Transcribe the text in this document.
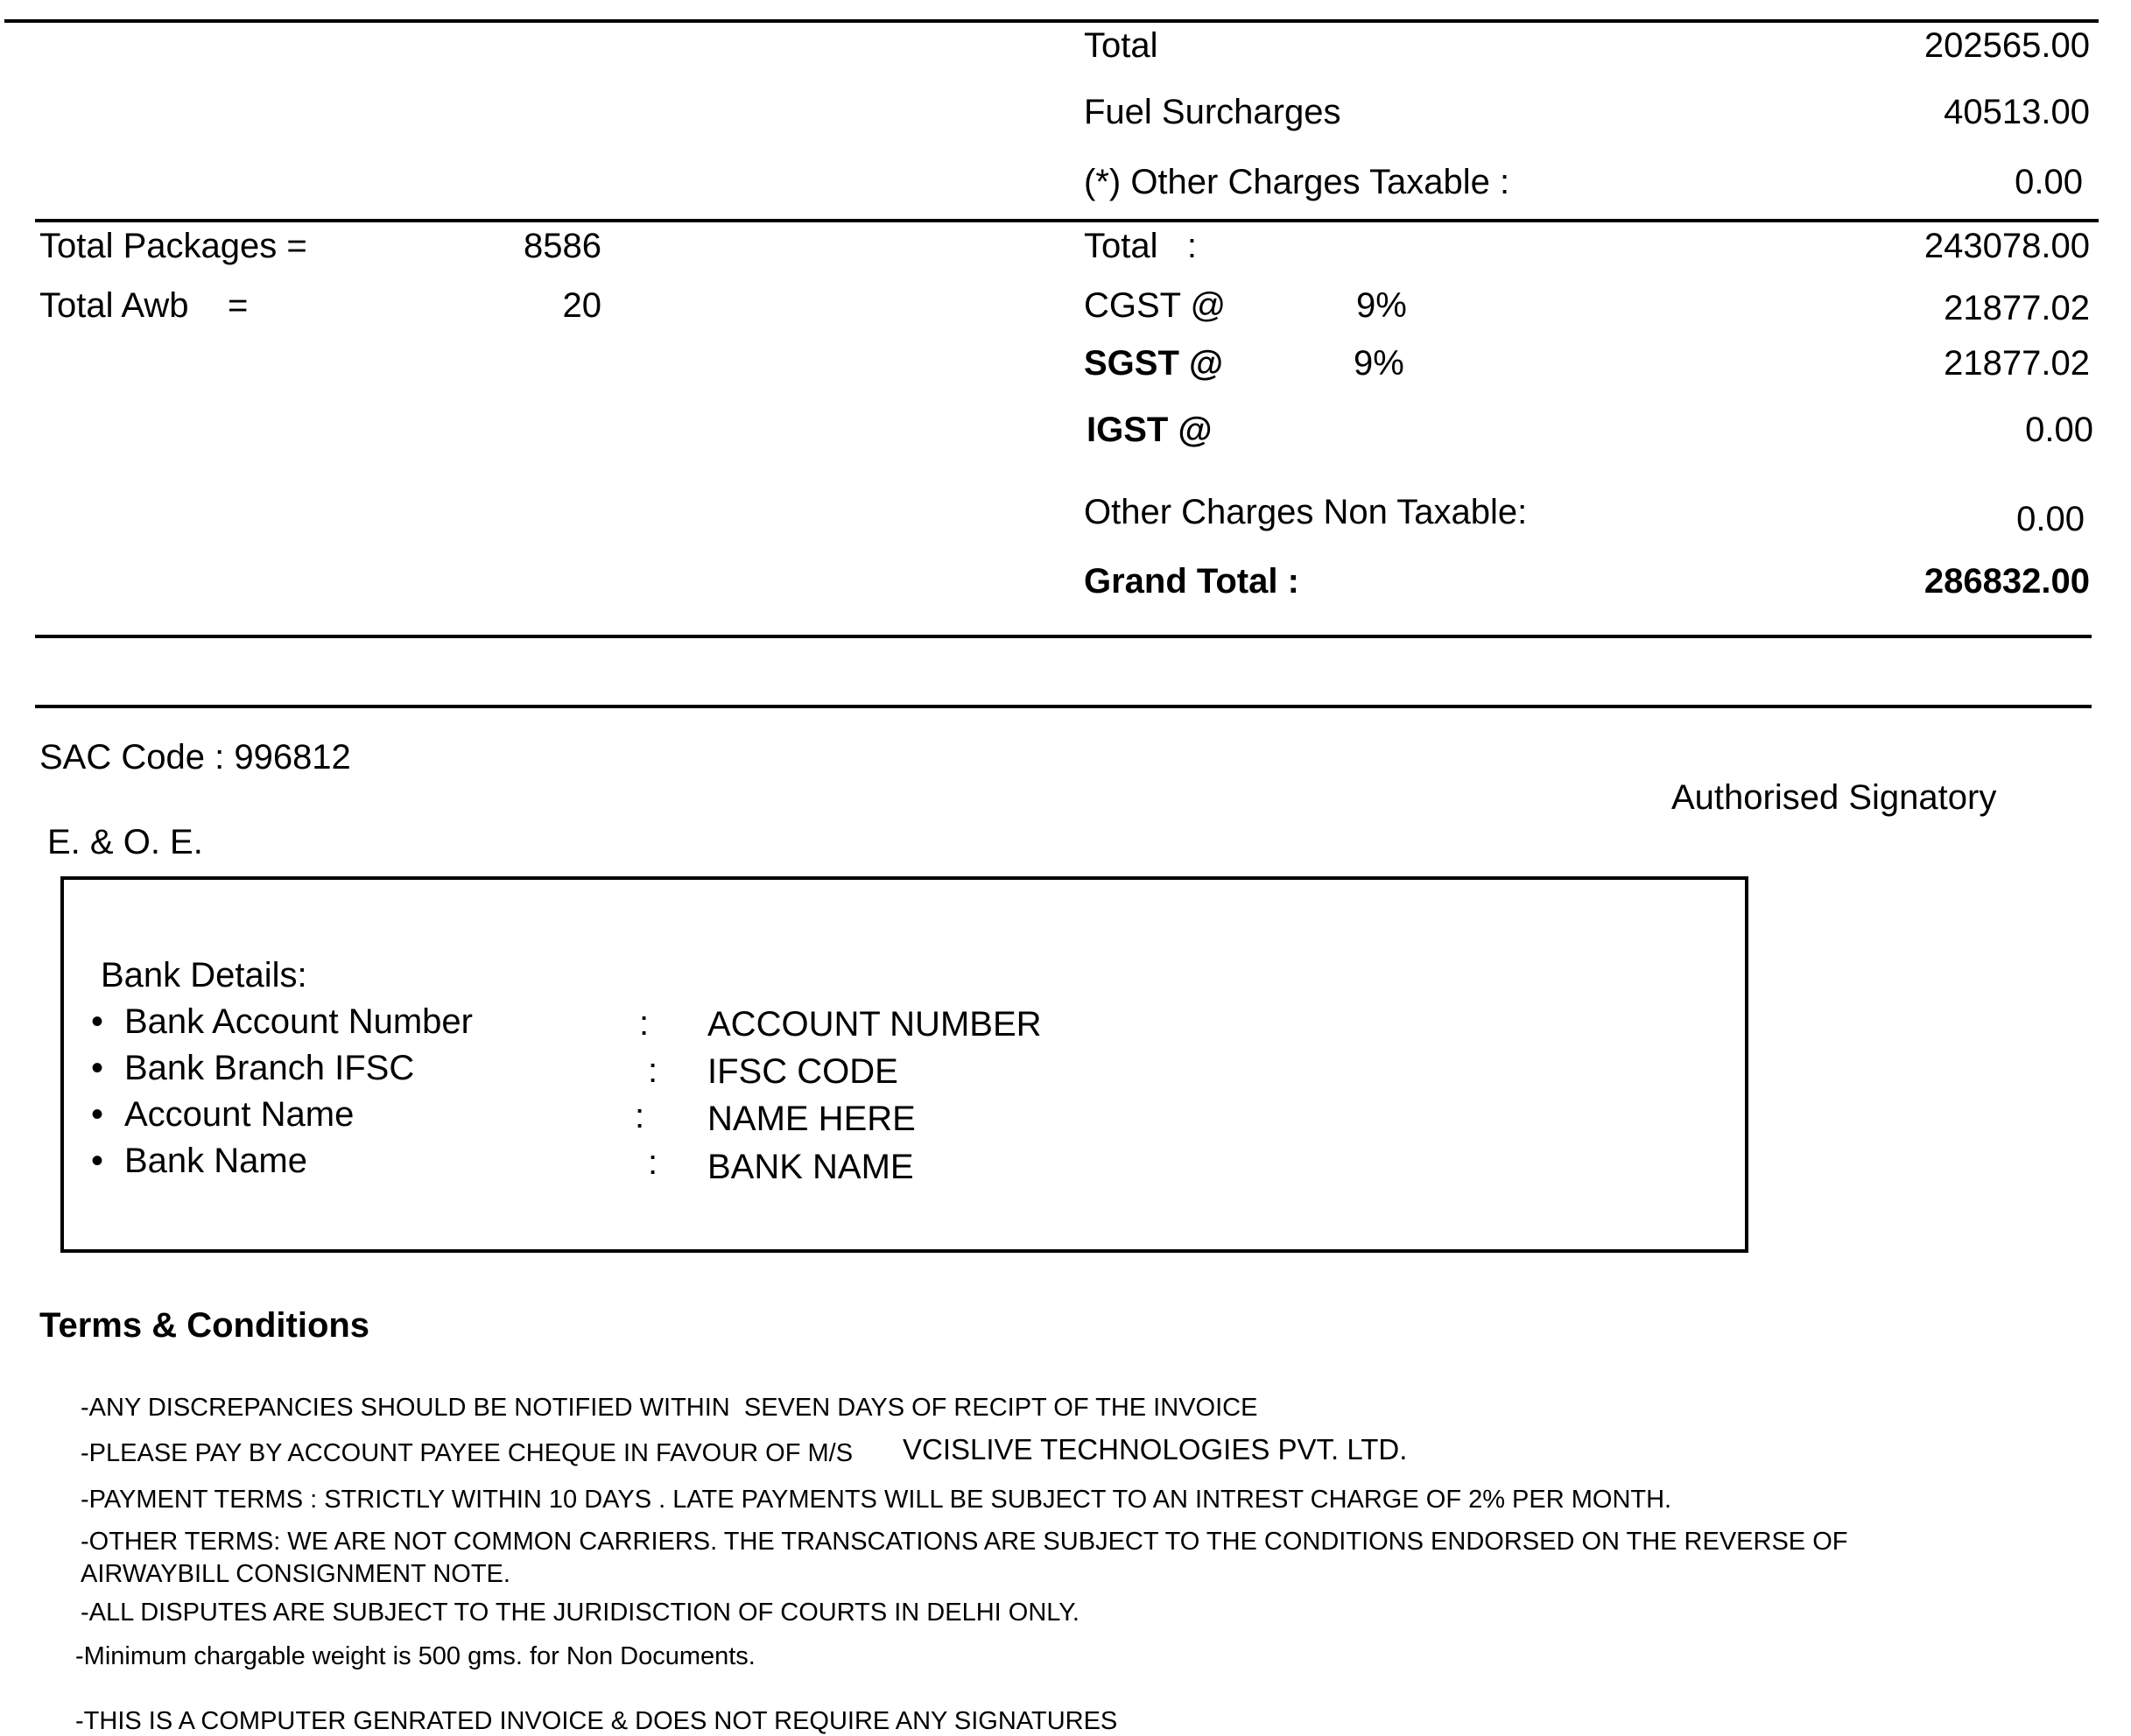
Total	202565.00
Fuel Surcharges	40513.00
(*) Other Charges Taxable :	0.00
Total Packages =	8586	Total   :	243078.00
Total Awb    =	20	CGST @	9%	21877.02
SGST @	9%	21877.02
IGST @	0.00
Other Charges Non Taxable:	0.00
Grand Total :	286832.00
SAC Code : 996812
Authorised Signatory
E. & O. E.
Bank Details:
• Bank Account Number	: ACCOUNT NUMBER
• Bank Branch IFSC	: IFSC CODE
• Account Name	: NAME HERE
• Bank Name	: BANK NAME
Terms & Conditions
-ANY DISCREPANCIES SHOULD BE NOTIFIED WITHIN  SEVEN DAYS OF RECIPT OF THE INVOICE
-PLEASE PAY BY ACCOUNT PAYEE CHEQUE IN FAVOUR OF M/S VCISLIVE TECHNOLOGIES PVT. LTD.
-PAYMENT TERMS : STRICTLY WITHIN 10 DAYS . LATE PAYMENTS WILL BE SUBJECT TO AN INTREST CHARGE OF 2% PER MONTH.
-OTHER TERMS: WE ARE NOT COMMON CARRIERS. THE TRANSCATIONS ARE SUBJECT TO THE CONDITIONS ENDORSED ON THE REVERSE OF
AIRWAYBILL CONSIGNMENT NOTE.
-ALL DISPUTES ARE SUBJECT TO THE JURIDISCTION OF COURTS IN DELHI ONLY.
-Minimum chargable weight is 500 gms. for Non Documents.
-THIS IS A COMPUTER GENRATED INVOICE & DOES NOT REQUIRE ANY SIGNATURES
